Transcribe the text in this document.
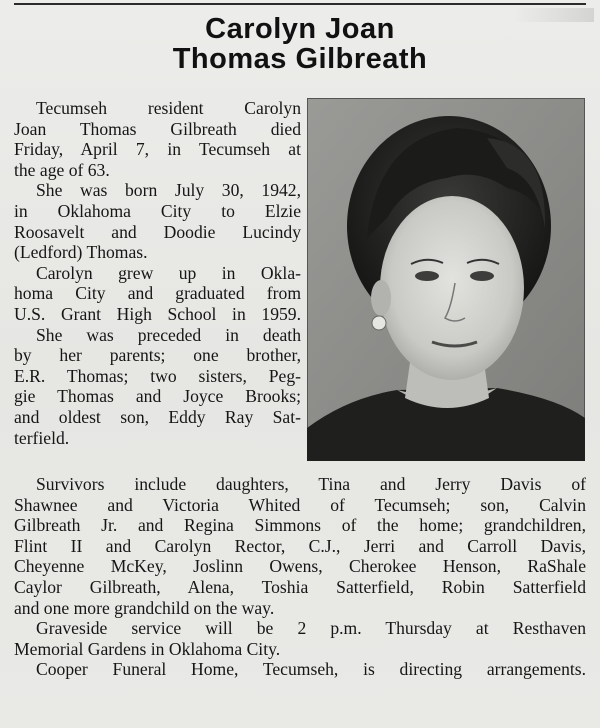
Carolyn Joan
Thomas Gilbreath
Tecumseh resident Carolyn
Joan Thomas Gilbreath died
Friday, April 7, in Tecumseh at
the age of 63.
She was born July 30, 1942,
in Oklahoma City to Elzie
Roosavelt and Doodie Lucindy
(Ledford) Thomas.
Carolyn grew up in Okla-
homa City and graduated from
U.S. Grant High School in 1959.
She was preceded in death
by her parents; one brother,
E.R. Thomas; two sisters, Peg-
gie Thomas and Joyce Brooks;
and oldest son, Eddy Ray Sat-
terfield.
Survivors include daughters, Tina and Jerry Davis of
Shawnee and Victoria Whited of Tecumseh; son, Calvin
Gilbreath Jr. and Regina Simmons of the home; grandchildren,
Flint II and Carolyn Rector, C.J., Jerri and Carroll Davis,
Cheyenne McKey, Joslinn Owens, Cherokee Henson, RaShale
Caylor Gilbreath, Alena, Toshia Satterfield, Robin Satterfield
and one more grandchild on the way.
Graveside service will be 2 p.m. Thursday at Resthaven
Memorial Gardens in Oklahoma City.
Cooper Funeral Home, Tecumseh, is directing arrangements.
